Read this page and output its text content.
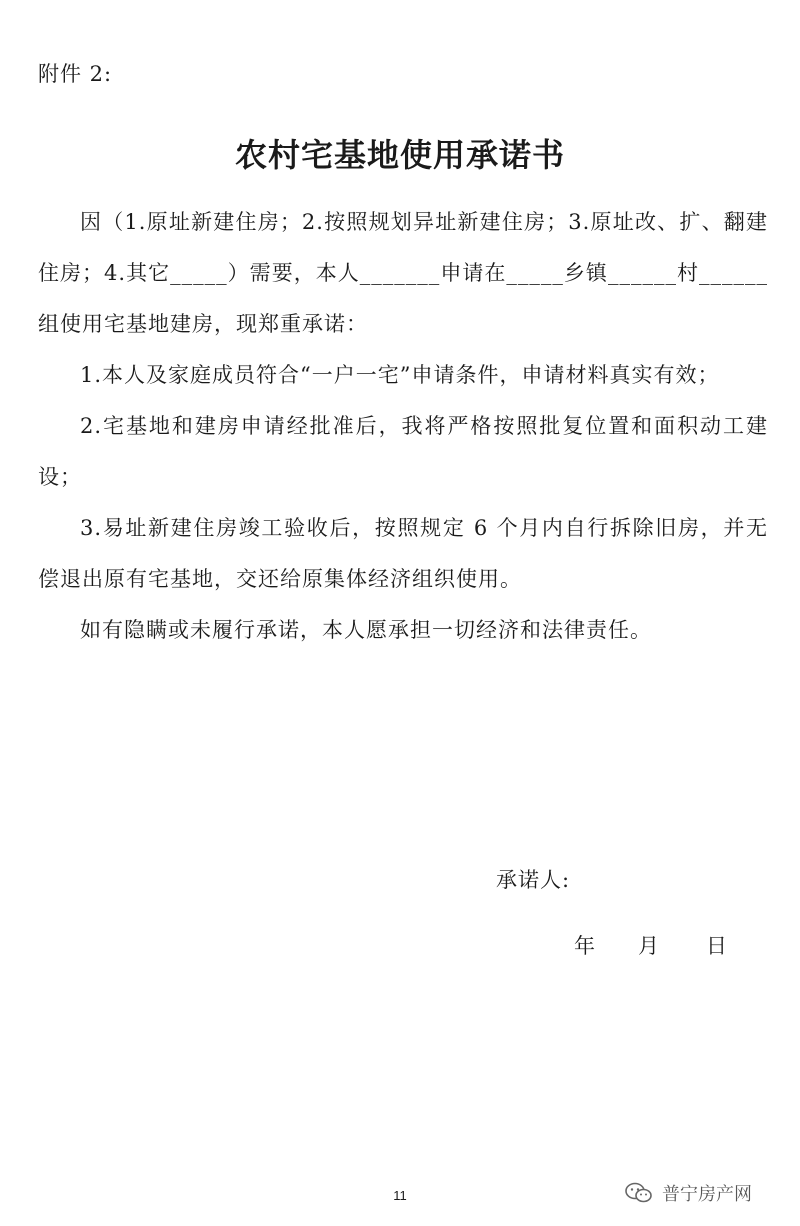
附件 2:
农村宅基地使用承诺书

因（1.原址新建住房；2.按照规划异址新建住房；3.原址改、扩、翻建住房；4.其它_____）需要，本人_______申请在_____乡镇______村______组使用宅基地建房，现郑重承诺：

1.本人及家庭成员符合“一户一宅”申请条件，申请材料真实有效；

2.宅基地和建房申请经批准后，我将严格按照批复位置和面积动工建设；

3.易址新建住房竣工验收后，按照规定 6 个月内自行拆除旧房，并无偿退出原有宅基地，交还给原集体经济组织使用。

如有隐瞒或未履行承诺，本人愿承担一切经济和法律责任。

承诺人:
年 月 日
11	普宁房产网
